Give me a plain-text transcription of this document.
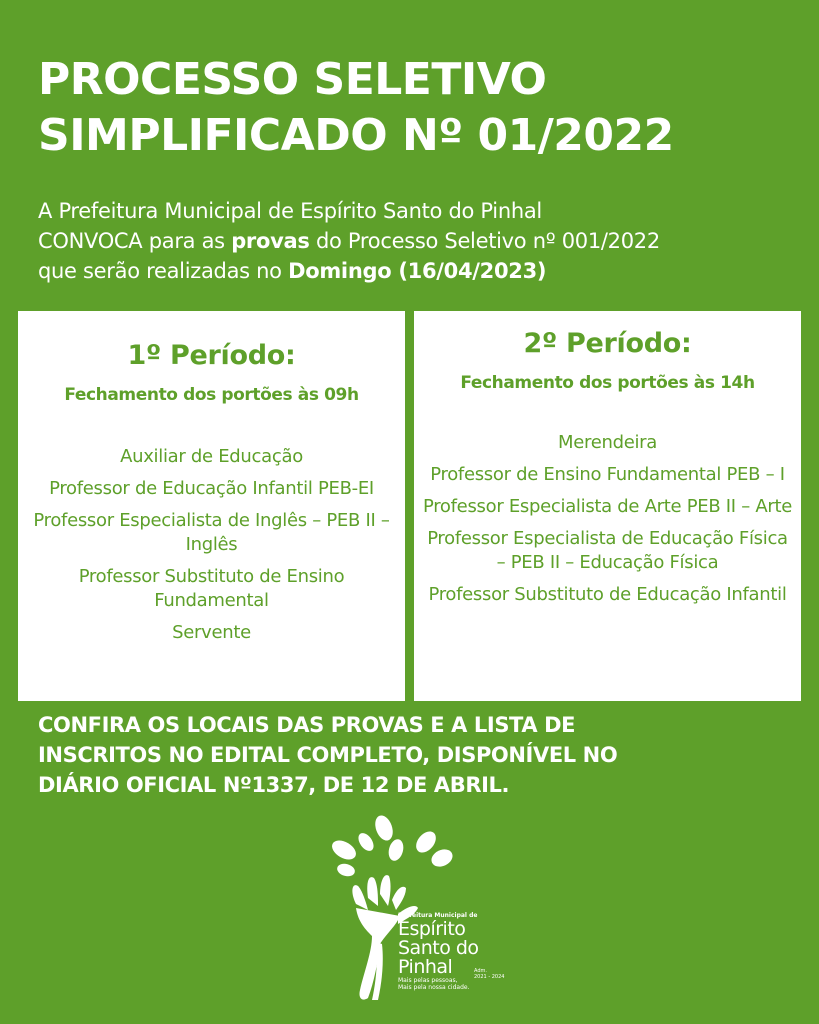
PROCESSO SELETIVO
SIMPLIFICADO Nº 01/2022
A Prefeitura Municipal de Espírito Santo do Pinhal
CONVOCA para as provas do Processo Seletivo nº 001/2022
que serão realizadas no Domingo (16/04/2023)
1º Período:
Fechamento dos portões às 09h
Auxiliar de Educação
Professor de Educação Infantil PEB-EI
Professor Especialista de Inglês – PEB II – Inglês
Professor Substituto de Ensino Fundamental
Servente
2º Período:
Fechamento dos portões às 14h
Merendeira
Professor de Ensino Fundamental PEB – I
Professor Especialista de Arte PEB II – Arte
Professor Especialista de Educação Física – PEB II – Educação Física
Professor Substituto de Educação Infantil
CONFIRA OS LOCAIS DAS PROVAS E A LISTA DE
INSCRITOS NO EDITAL COMPLETO, DISPONÍVEL NO
DIÁRIO OFICIAL Nº1337, DE 12 DE ABRIL.
Prefeitura Municipal de
Espírito
Santo do
Pinhal
Mais pelas pessoas,
Mais pela nossa cidade.
Adm.
2021 - 2024
